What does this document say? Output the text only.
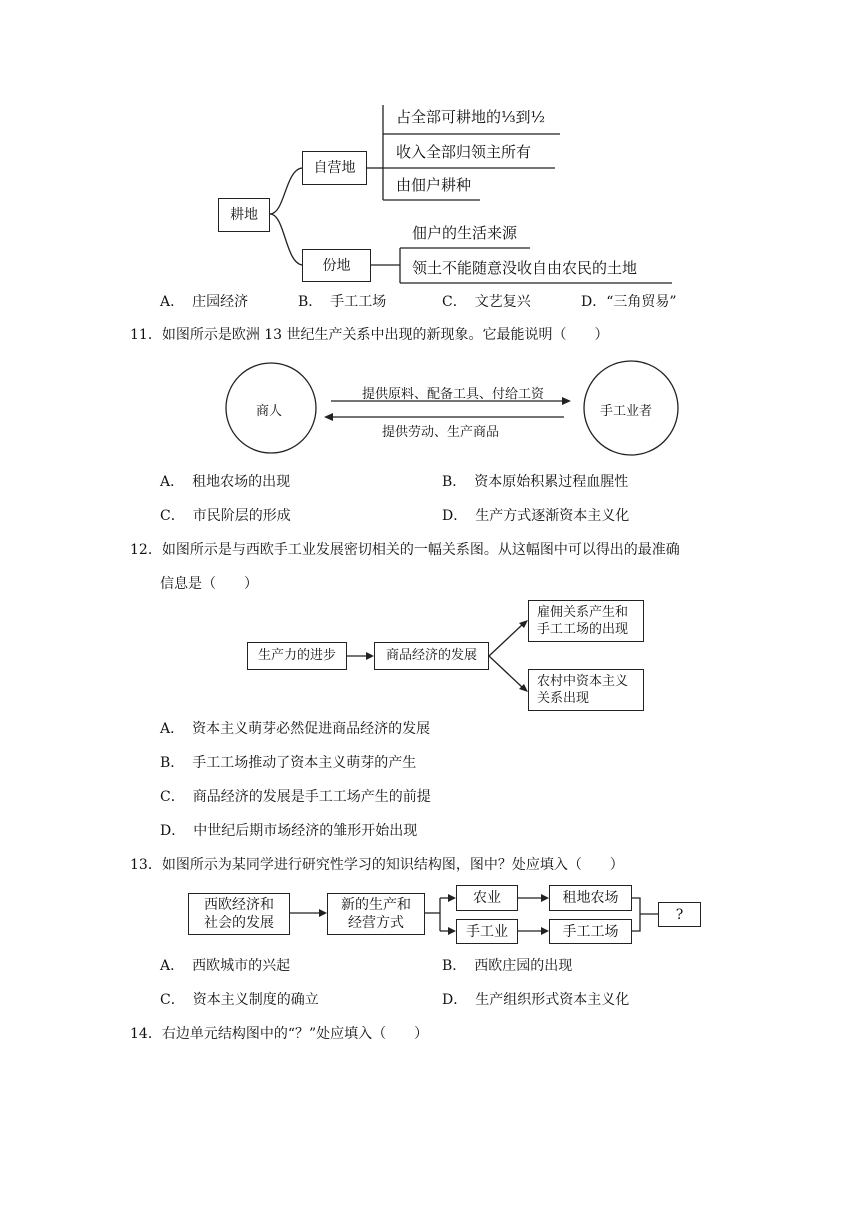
耕地
自营地
份地
占全部可耕地的⅓到½
收入全部归领主所有
由佃户耕种
佃户的生活来源
领土不能随意没收自由农民的土地
A． 庄园经济	B． 手工工场	C． 文艺复兴	D．“三角贸易”
11．如图所示是欧洲 13 世纪生产关系中出现的新现象。它最能说明（　　）
商人	手工业者
提供原料、配备工具、付给工资
提供劳动、生产商品
A． 租地农场的出现	B． 资本原始积累过程血腥性
C． 市民阶层的形成	D． 生产方式逐渐资本主义化
12．如图所示是与西欧手工业发展密切相关的一幅关系图。从这幅图中可以得出的最准确
信息是（　　）
生产力的进步	商品经济的发展
雇佣关系产生和
手工工场的出现
农村中资本主义
关系出现
A． 资本主义萌芽必然促进商品经济的发展
B． 手工工场推动了资本主义萌芽的产生
C． 商品经济的发展是手工工场产生的前提
D． 中世纪后期市场经济的雏形开始出现
13．如图所示为某同学进行研究性学习的知识结构图，图中？处应填入（　　）
西欧经济和
社会的发展
新的生产和
经营方式
农业	租地农场
手工业	手工工场
?
A． 西欧城市的兴起	B． 西欧庄园的出现
C． 资本主义制度的确立	D． 生产组织形式资本主义化
14．右边单元结构图中的“？”处应填入（　　）
